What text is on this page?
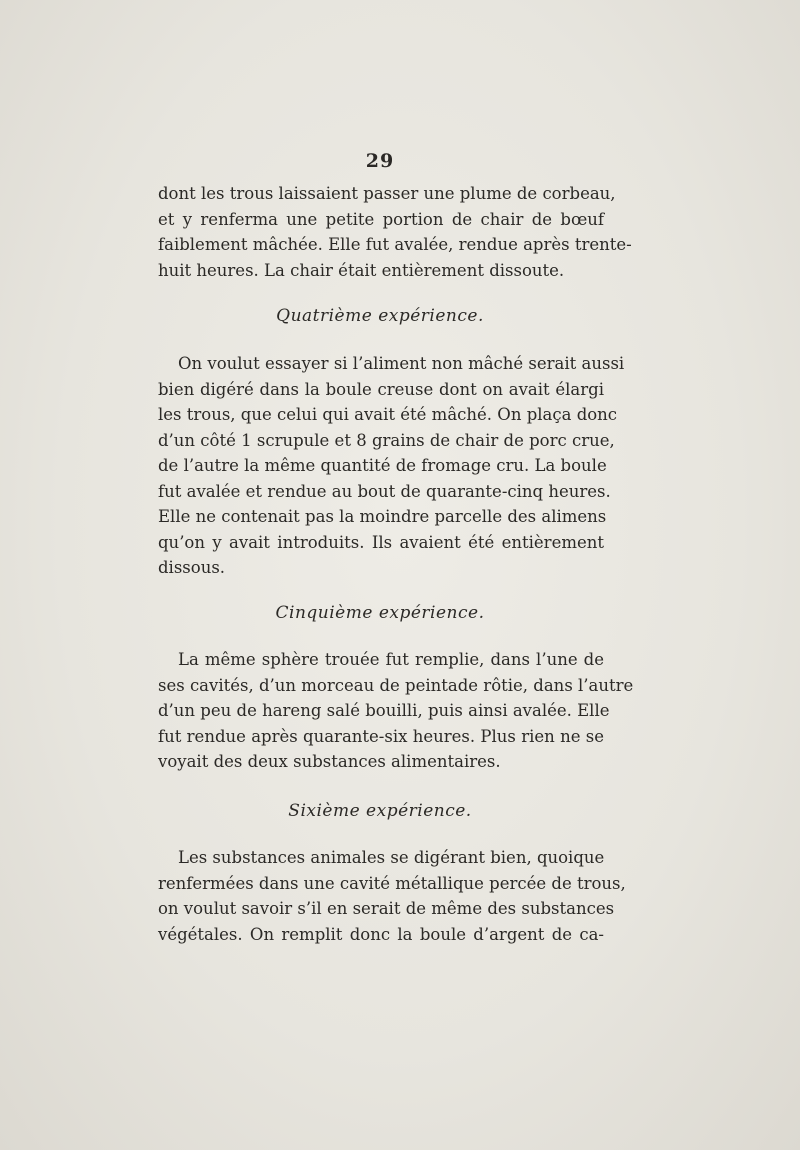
29
dont les trous laissaient passer une plume de corbeau,
et y renferma une petite portion de chair de bœuf
faiblement mâchée. Elle fut avalée, rendue après trente-
huit heures. La chair était entièrement dissoute.
Quatrième expérience.
On voulut essayer si l’aliment non mâché serait aussi
bien digéré dans la boule creuse dont on avait élargi
les trous, que celui qui avait été mâché. On plaça donc
d’un côté 1 scrupule et 8 grains de chair de porc crue,
de l’autre la même quantité de fromage cru. La boule
fut avalée et rendue au bout de quarante-cinq heures.
Elle ne contenait pas la moindre parcelle des alimens
qu’on y avait introduits. Ils avaient été entièrement
dissous.
Cinquième expérience.
La même sphère trouée fut remplie, dans l’une de
ses cavités, d’un morceau de peintade rôtie, dans l’autre
d’un peu de hareng salé bouilli, puis ainsi avalée. Elle
fut rendue après quarante-six heures. Plus rien ne se
voyait des deux substances alimentaires.
Sixième expérience.
Les substances animales se digérant bien, quoique
renfermées dans une cavité métallique percée de trous,
on voulut savoir s’il en serait de même des substances
végétales. On remplit donc la boule d’argent de ca-
